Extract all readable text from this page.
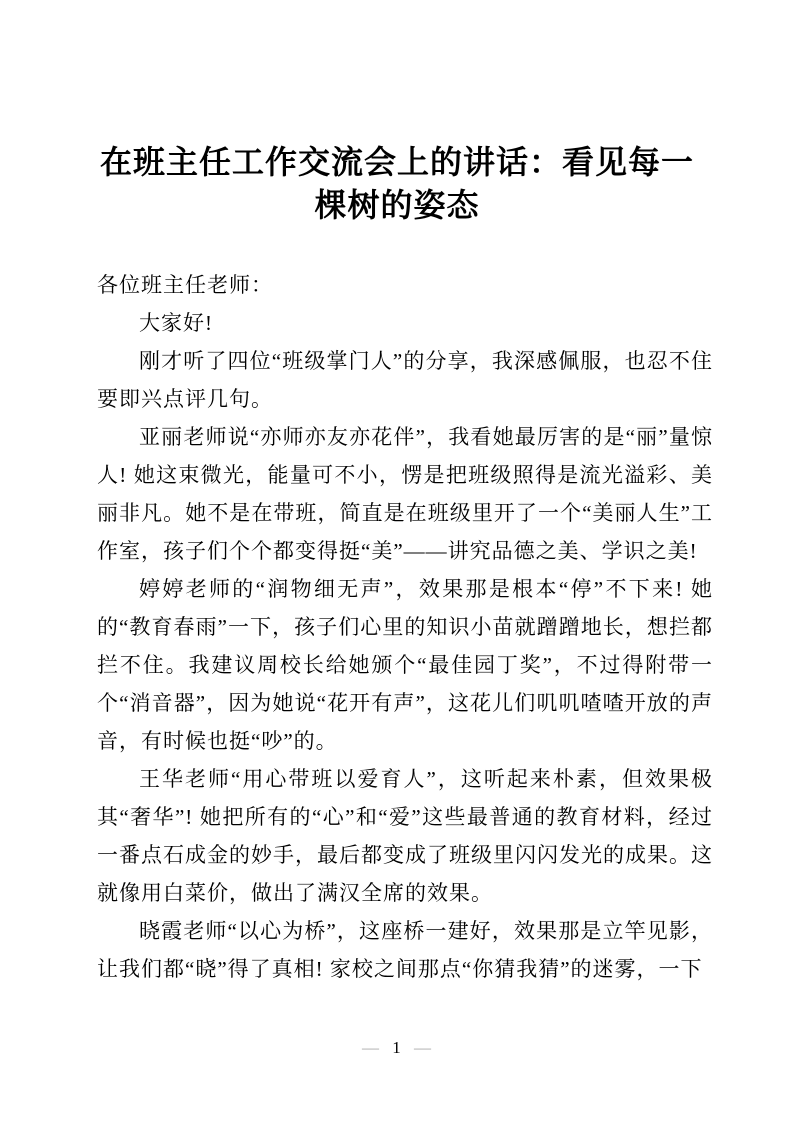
在班主任工作交流会上的讲话：看见每一
棵树的姿态

各位班主任老师：

大家好!

刚才听了四位“班级掌门人”的分享，我深感佩服，也忍不住要即兴点评几句。

亚丽老师说“亦师亦友亦花伴”，我看她最厉害的是“丽”量惊人! 她这束微光，能量可不小，愣是把班级照得是流光溢彩、美丽非凡。她不是在带班，简直是在班级里开了一个“美丽人生”工作室，孩子们个个都变得挺“美”——讲究品德之美、学识之美!

婷婷老师的“润物细无声”，效果那是根本“停”不下来! 她的“教育春雨”一下，孩子们心里的知识小苗就蹭蹭地长，想拦都拦不住。我建议周校长给她颁个“最佳园丁奖”，不过得附带一个“消音器”，因为她说“花开有声”，这花儿们叽叽喳喳开放的声音，有时候也挺“吵”的。

王华老师“用心带班以爱育人”，这听起来朴素，但效果极其“奢华”! 她把所有的“心”和“爱”这些最普通的教育材料，经过一番点石成金的妙手，最后都变成了班级里闪闪发光的成果。这就像用白菜价，做出了满汉全席的效果。

晓霞老师“以心为桥”，这座桥一建好，效果那是立竿见影，让我们都“晓”得了真相! 家校之间那点“你猜我猜”的迷雾，一下

— 1 —
